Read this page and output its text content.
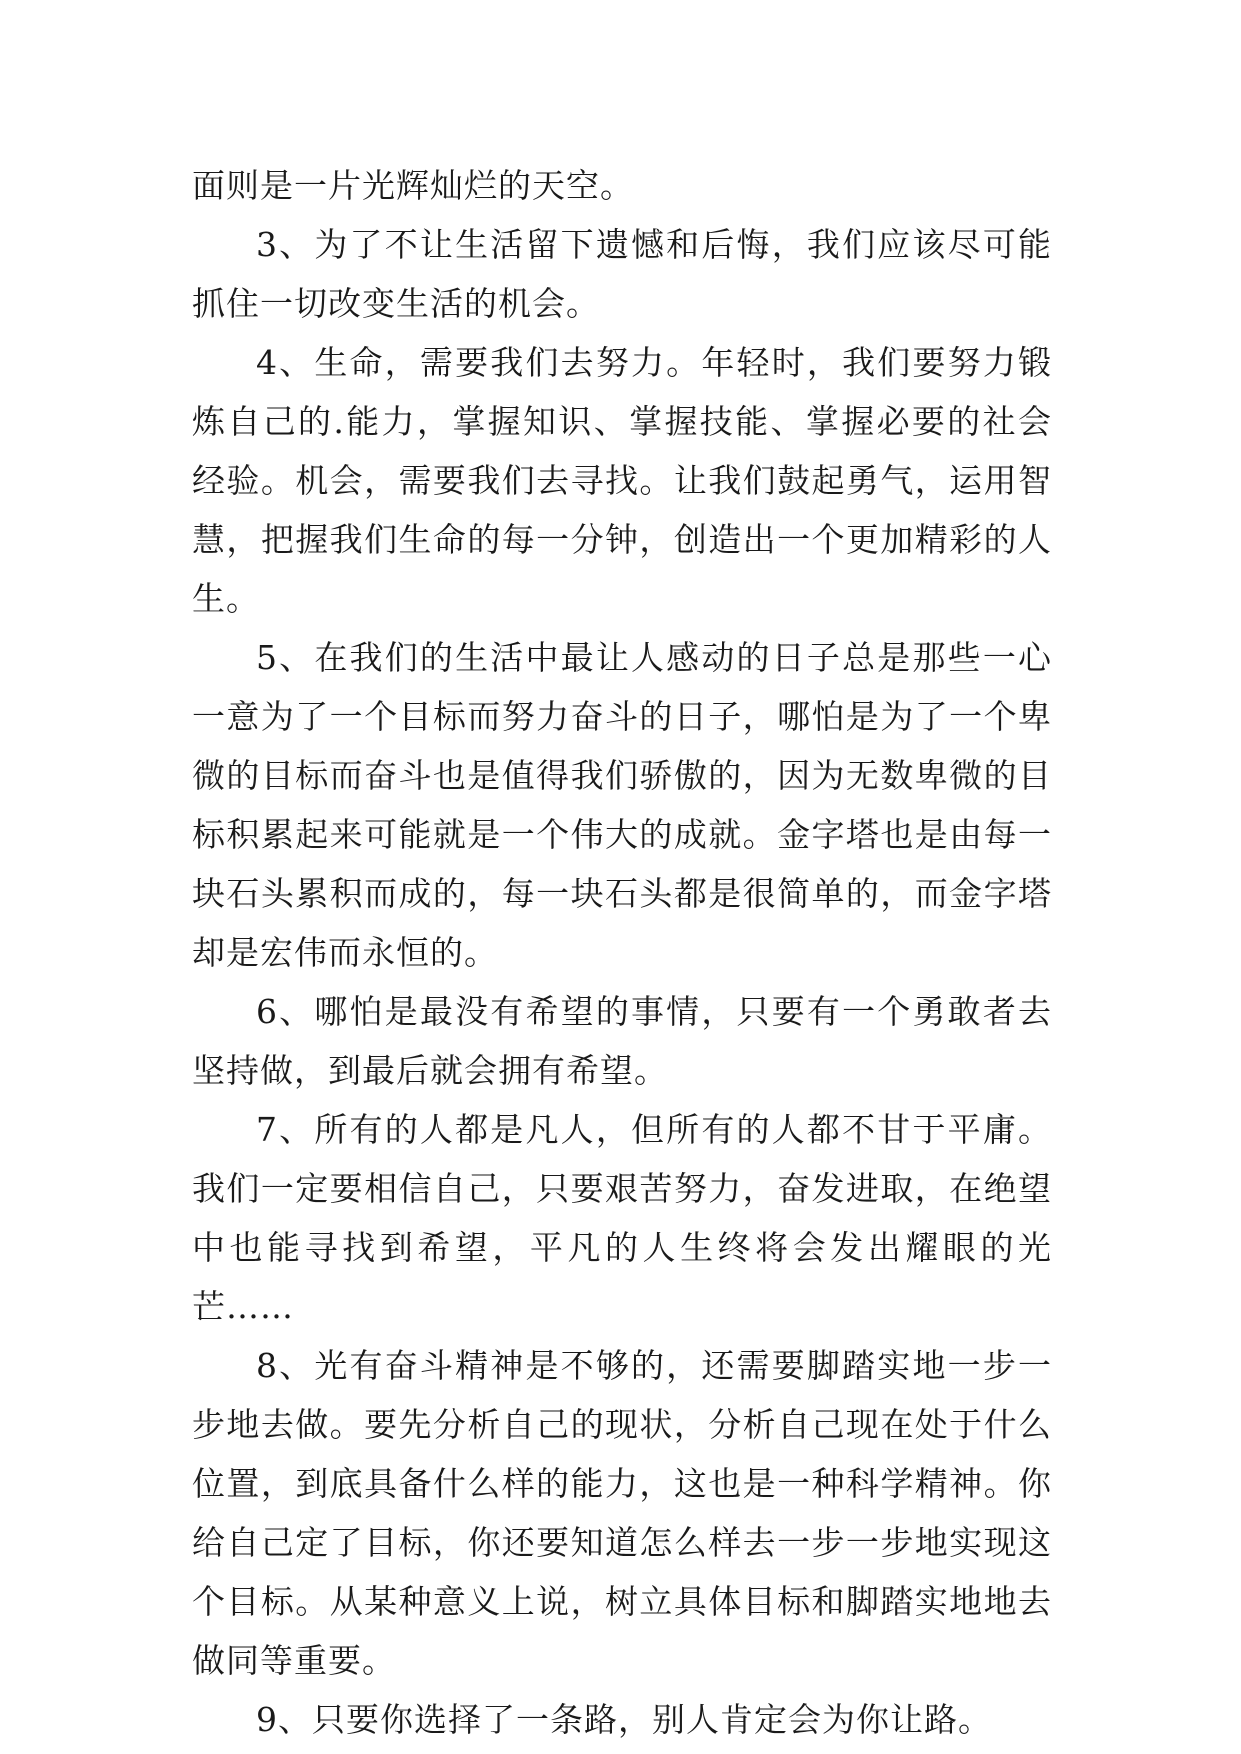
面则是一片光辉灿烂的天空。

3、为了不让生活留下遗憾和后悔，我们应该尽可能抓住一切改变生活的机会。

4、生命，需要我们去努力。年轻时，我们要努力锻炼自己的.能力，掌握知识、掌握技能、掌握必要的社会经验。机会，需要我们去寻找。让我们鼓起勇气，运用智慧，把握我们生命的每一分钟，创造出一个更加精彩的人生。

5、在我们的生活中最让人感动的日子总是那些一心一意为了一个目标而努力奋斗的日子，哪怕是为了一个卑微的目标而奋斗也是值得我们骄傲的，因为无数卑微的目标积累起来可能就是一个伟大的成就。金字塔也是由每一块石头累积而成的，每一块石头都是很简单的，而金字塔却是宏伟而永恒的。

6、哪怕是最没有希望的事情，只要有一个勇敢者去坚持做，到最后就会拥有希望。

7、所有的人都是凡人，但所有的人都不甘于平庸。我们一定要相信自己，只要艰苦努力，奋发进取，在绝望中也能寻找到希望，平凡的人生终将会发出耀眼的光芒……

8、光有奋斗精神是不够的，还需要脚踏实地一步一步地去做。要先分析自己的现状，分析自己现在处于什么位置，到底具备什么样的能力，这也是一种科学精神。你给自己定了目标，你还要知道怎么样去一步一步地实现这个目标。从某种意义上说，树立具体目标和脚踏实地地去做同等重要。

9、只要你选择了一条路，别人肯定会为你让路。
